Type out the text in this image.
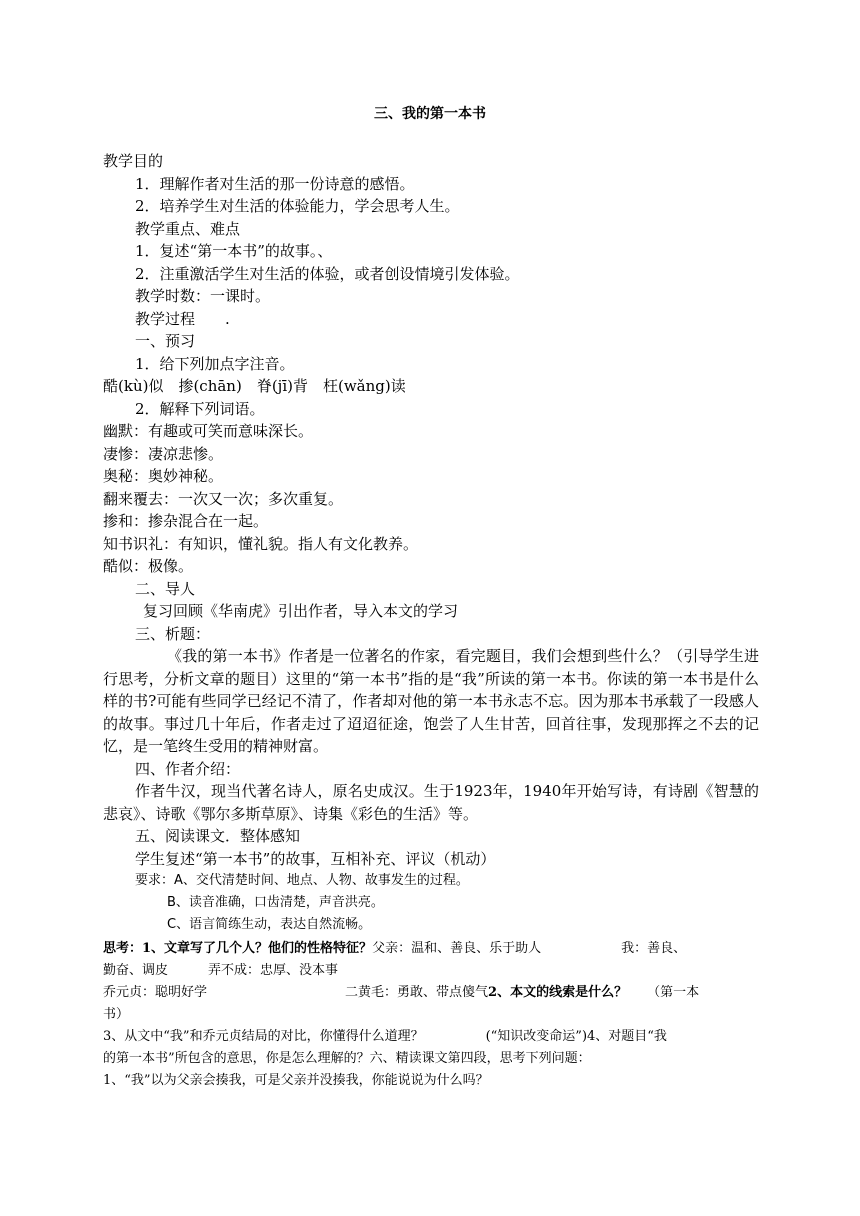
三、我的第一本书

教学目的

1．理解作者对生活的那一份诗意的感悟。

2．培养学生对生活的体验能力，学会思考人生。

教学重点、难点

1．复述“第一本书”的故事。、

2．注重激活学生对生活的体验，或者创设情境引发体验。

教学时数：一课时。

教学过程　　.

一、预习

1．给下列加点字注音。

酷(kù)似　掺(chān)　脊(jī)背　枉(wǎng)读

2．解释下列词语。

幽默：有趣或可笑而意味深长。

凄惨：凄凉悲惨。

奥秘：奥妙神秘。

翻来覆去：一次又一次；多次重复。

掺和：掺杂混合在一起。

知书识礼：有知识，懂礼貌。指人有文化教养。

酷似：极像。

二、导人

复习回顾《华南虎》引出作者，导入本文的学习

三、析题：

《我的第一本书》作者是一位著名的作家，看完题目，我们会想到些什么？（引导学生进行思考，分析文章的题目）这里的“第一本书”指的是“我”所读的第一本书。你读的第一本书是什么样的书?可能有些同学已经记不清了，作者却对他的第一本书永志不忘。因为那本书承载了一段感人的故事。事过几十年后，作者走过了迢迢征途，饱尝了人生甘苦，回首往事，发现那挥之不去的记忆，是一笔终生受用的精神财富。

四、作者介绍：

作者牛汉，现当代著名诗人，原名史成汉。生于1923年，1940年开始写诗，有诗剧《智慧的悲哀》、诗歌《鄂尔多斯草原》、诗集《彩色的生活》等。

五、阅读课文．整体感知

学生复述“第一本书”的故事，互相补充、评议（机动）

要求：A、交代清楚时间、地点、人物、故事发生的过程。

B、读音准确，口齿清楚，声音洪亮。

C、语言简练生动，表达自然流畅。

思考： 1、文章写了几个人？他们的性格特征？ 父亲：温和、善良、乐于助人	我：善良、
勤奋、调皮	弄不成：忠厚、没本事
乔元贞：聪明好学	二黄毛：勇敢、带点傻气 2、本文的线索是什么？ （第一本
书）
3、从文中“我”和乔元贞结局的对比，你懂得什么道理？	(“知识改变命运”) 4、对题目“我
的第一本书”所包含的意思，你是怎么理解的？ 六、精读课文第四段，思考下列问题：
1、“我”以为父亲会揍我，可是父亲并没揍我，你能说说为什么吗？
